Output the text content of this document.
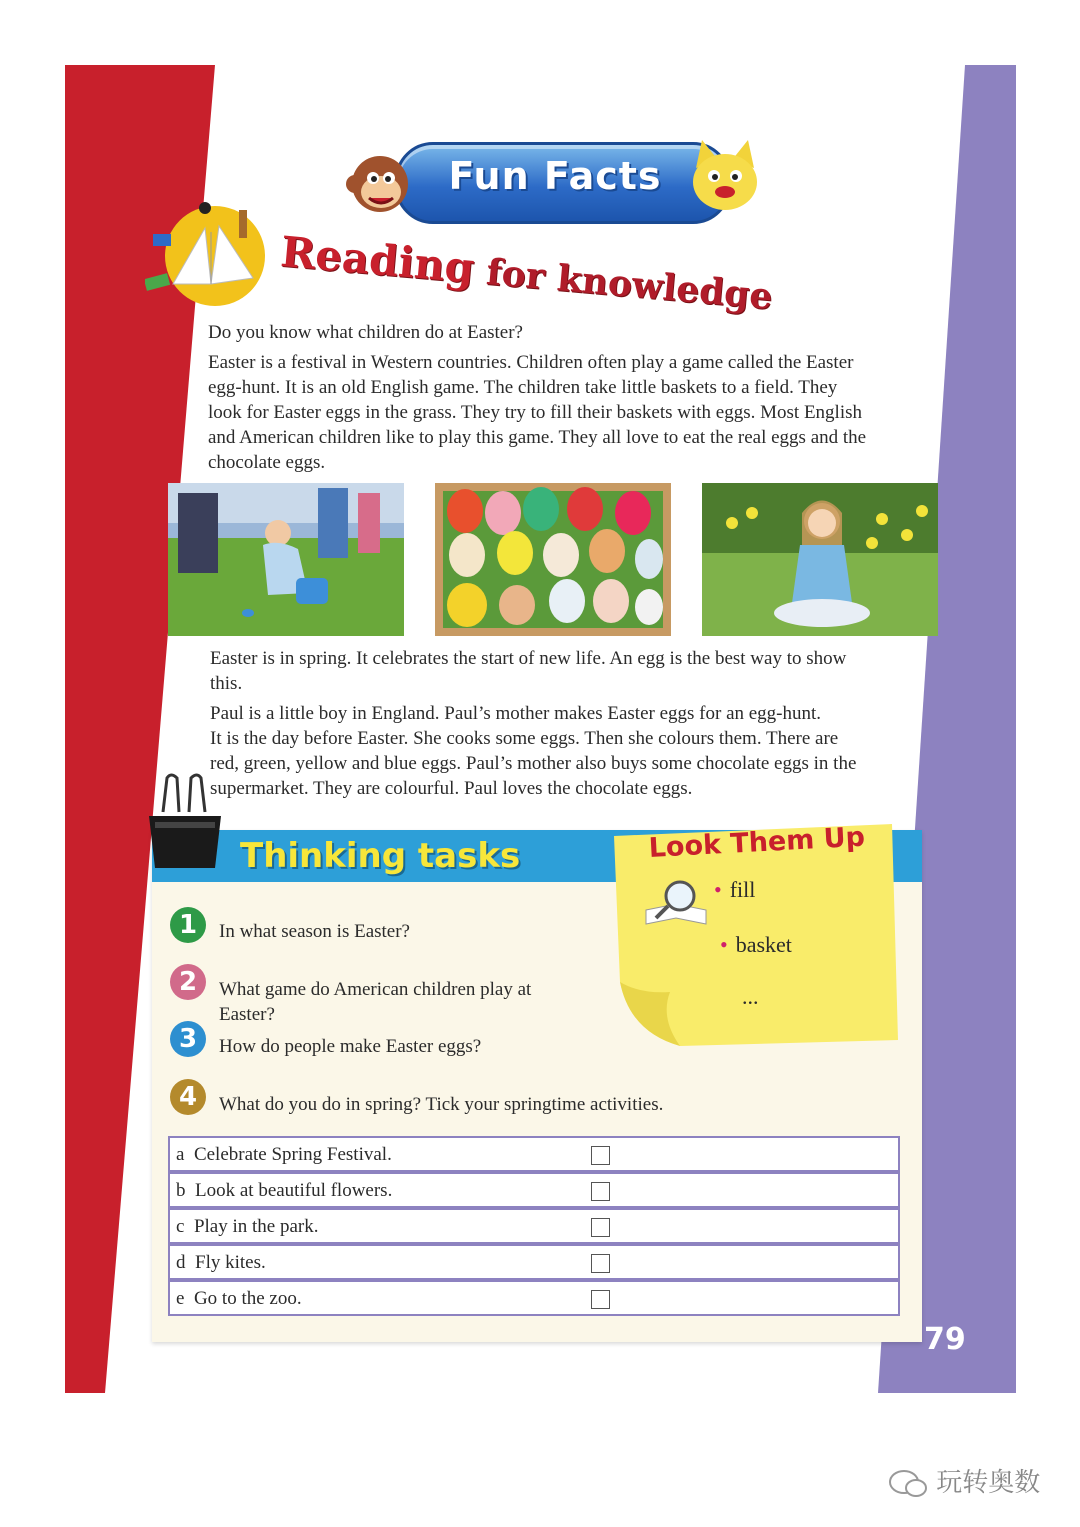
Fun Facts
Reading for knowledge

Do you know what children do at Easter?

Easter is a festival in Western countries. Children often play a game called the Easter
egg-hunt. It is an old English game. The children take little baskets to a field. They
look for Easter eggs in the grass. They try to fill their baskets with eggs. Most English
and American children like to play this game. They all love to eat the real eggs and the
chocolate eggs.
Easter is in spring. It celebrates the start of new life. An egg is the best way to show
this.
Paul is a little boy in England. Paul’s mother makes Easter eggs for an egg-hunt.
It is the day before Easter. She cooks some eggs. Then she colours them. There are
red, green, yellow and blue eggs. Paul’s mother also buys some chocolate eggs in the
supermarket. They are colourful. Paul loves the chocolate eggs.
Thinking tasks	Look Them Up
• fill
• basket
...
1	In what season is Easter?
2	What game do American children play at
Easter?
3	How do people make Easter eggs?
4	What do you do in spring? Tick your springtime activities.
a Celebrate Spring Festival.
b Look at beautiful flowers.
c Play in the park.
d Fly kites.
e Go to the zoo.
79
玩转奥数
